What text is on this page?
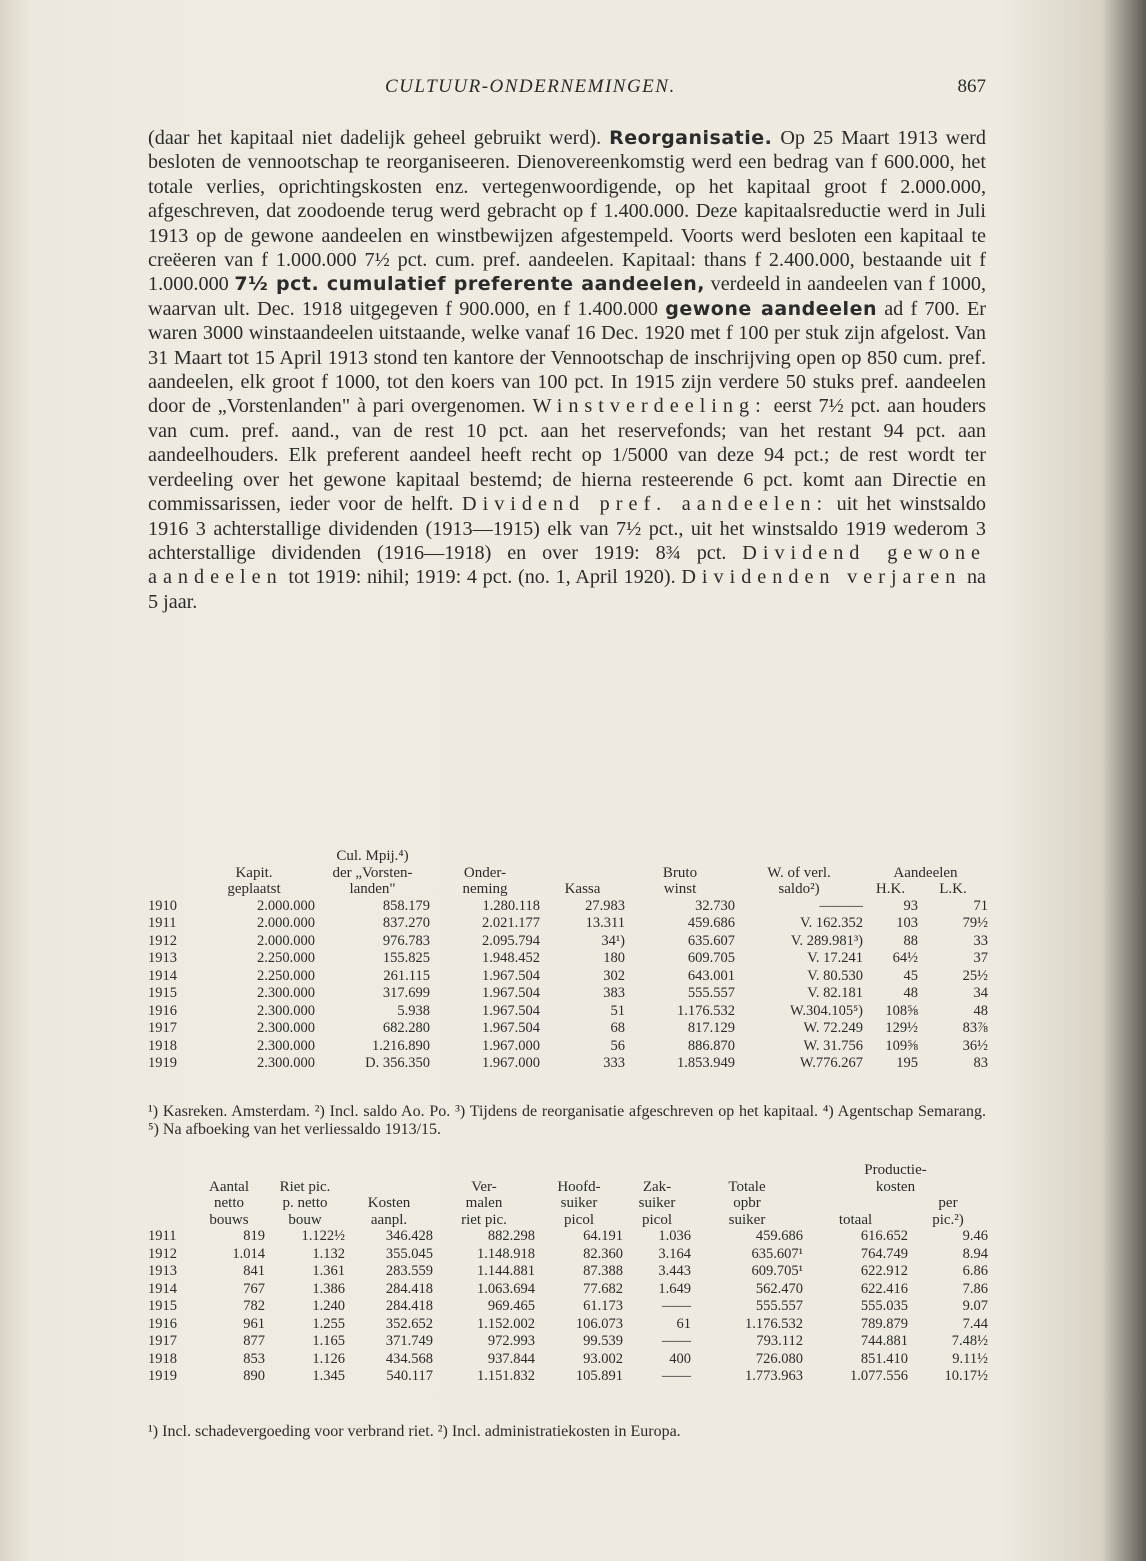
CULTUUR-ONDERNEMINGEN.	867

(daar het kapitaal niet dadelijk geheel gebruikt werd). Reorganisatie. Op 25 Maart 1913 werd besloten de vennootschap te reorganiseeren. Dienovereenkomstig werd een bedrag van f 600.000, het totale verlies, oprichtingskosten enz. vertegenwoordigende, op het kapitaal groot f 2.000.000, afgeschreven, dat zoodoende terug werd gebracht op f 1.400.000. Deze kapitaalsreductie werd in Juli 1913 op de gewone aandeelen en winstbewijzen afgestempeld. Voorts werd besloten een kapitaal te creëeren van f 1.000.000 7½ pct. cum. pref. aandeelen. Kapitaal: thans f 2.400.000, bestaande uit f 1.000.000 7½ pct. cumulatief preferente aandeelen, verdeeld in aandeelen van f 1000, waarvan ult. Dec. 1918 uitgegeven f 900.000, en f 1.400.000 gewone aandeelen ad f 700. Er waren 3000 winstaandeelen uitstaande, welke vanaf 16 Dec. 1920 met f 100 per stuk zijn afgelost. Van 31 Maart tot 15 April 1913 stond ten kantore der Vennootschap de inschrijving open op 850 cum. pref. aandeelen, elk groot f 1000, tot den koers van 100 pct. In 1915 zijn verdere 50 stuks pref. aandeelen door de „Vorstenlanden" à pari overgenomen. Winstverdeeling: eerst 7½ pct. aan houders van cum. pref. aand., van de rest 10 pct. aan het reservefonds; van het restant 94 pct. aan aandeelhouders. Elk preferent aandeel heeft recht op 1/5000 van deze 94 pct.; de rest wordt ter verdeeling over het gewone kapitaal bestemd; de hierna resteerende 6 pct. komt aan Directie en commissarissen, ieder voor de helft. Dividend pref. aandeelen: uit het winstsaldo 1916 3 achterstallige dividenden (1913—1915) elk van 7½ pct., uit het winstsaldo 1919 wederom 3 achterstallige dividenden (1916—1918) en over 1919: 8¾ pct. Dividend gewone aandeelen tot 1919: nihil; 1919: 4 pct. (no. 1, April 1920). Dividenden verjaren na 5 jaar.

		Cul. Mpij.⁴)						
	Kapit.	der „Vorsten-	Onder-		Bruto	W. of verl.	Aandeelen	
	geplaatst	landen"	neming	Kassa	winst	saldo²)	H.K.	L.K.
1910	2.000.000	858.179	1.280.118	27.983	32.730	———	93	71
1911	2.000.000	837.270	2.021.177	13.311	459.686	V. 162.352	103	79½
1912	2.000.000	976.783	2.095.794	34¹)	635.607	V. 289.981³)	88	33
1913	2.250.000	155.825	1.948.452	180	609.705	V. 17.241	64½	37
1914	2.250.000	261.115	1.967.504	302	643.001	V. 80.530	45	25½
1915	2.300.000	317.699	1.967.504	383	555.557	V. 82.181	48	34
1916	2.300.000	5.938	1.967.504	51	1.176.532	W.304.105⁵)	108⅝	48
1917	2.300.000	682.280	1.967.504	68	817.129	W. 72.249	129½	83⅞
1918	2.300.000	1.216.890	1.967.000	56	886.870	W. 31.756	109⅝	36½
1919	2.300.000	D. 356.350	1.967.000	333	1.853.949	W.776.267	195	83
¹) Kasreken. Amsterdam. ²) Incl. saldo Ao. Po. ³) Tijdens de reorganisatie afgeschreven op het kapitaal. ⁴) Agentschap Semarang. ⁵) Na afboeking van het verliessaldo 1913/15.
								Productie-	
	Aantal	Riet pic.		Ver-	Hoofd-	Zak-	Totale	kosten	
	netto	p. netto	Kosten	malen	suiker	suiker	opbr		per
	bouws	bouw	aanpl.	riet pic.	picol	picol	suiker	totaal	pic.²)
1911	819	1.122½	346.428	882.298	64.191	1.036	459.686	616.652	9.46
1912	1.014	1.132	355.045	1.148.918	82.360	3.164	635.607¹	764.749	8.94
1913	841	1.361	283.559	1.144.881	87.388	3.443	609.705¹	622.912	6.86
1914	767	1.386	284.418	1.063.694	77.682	1.649	562.470	622.416	7.86
1915	782	1.240	284.418	969.465	61.173	——	555.557	555.035	9.07
1916	961	1.255	352.652	1.152.002	106.073	61	1.176.532	789.879	7.44
1917	877	1.165	371.749	972.993	99.539	——	793.112	744.881	7.48½
1918	853	1.126	434.568	937.844	93.002	400	726.080	851.410	9.11½
1919	890	1.345	540.117	1.151.832	105.891	——	1.773.963	1.077.556	10.17½
¹) Incl. schadevergoeding voor verbrand riet. ²) Incl. administratiekosten in Europa.
